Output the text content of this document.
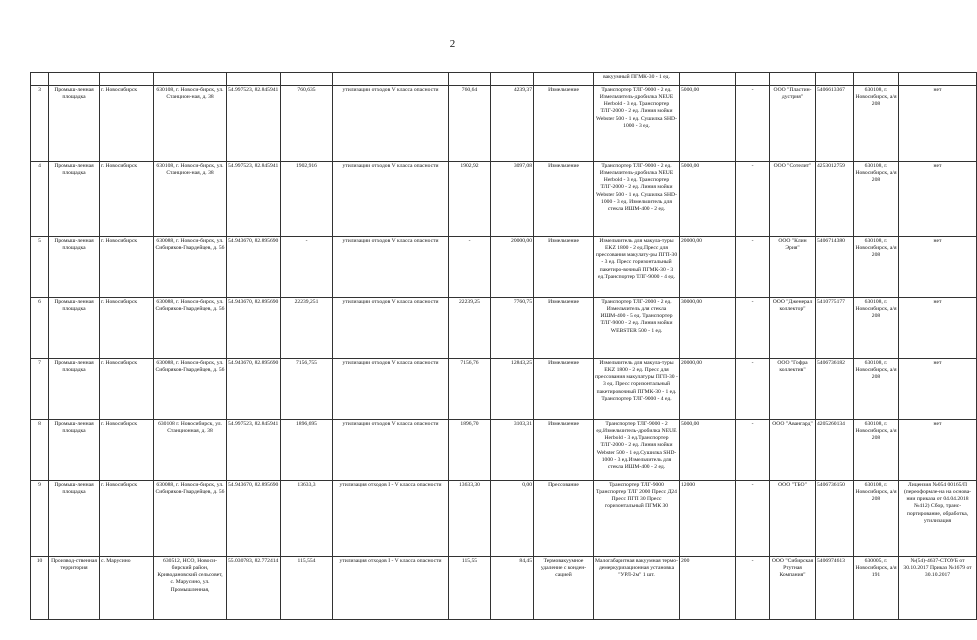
2
										вакуумный ПГМК-30 - 1 ед.						
3	Промыш-ленная площадка	г. Новосибирск	630108, г. Новоси-бирск, ул. Станцион-ная, д. 38	54.997523, 82.845941	760,635	утилизации отходов V класса опасности	760,64	4239,37	Измельчение	Транспортер ТЛГ-9000 - 2 ед. Измельчитель-дробилка NEUE Herbold - 3 ед. Транспортер ТЛГ-2000 - 2 ед. Линия мойки Webster 500 - 1 ед. Сушилка SHD-1000 - 3 ед.	5000,00	-	ООО "Пластин-дустрия"	5406613367	630108, г. Новосибирск, а/я 208	нет
4	Промыш-ленная площадка	г. Новосибирск	630108, г. Новоси-бирск, ул. Станцион-ная, д. 38	54.997523, 82.845941	1902,916	утилизации отходов V класса опасности	1902,92	3097,08	Измельчение	Транспортер ТЛГ-9000 - 2 ед. Измельчитель-дробилка NEUE Herbold - 3 ед. Транспортер ТЛГ-2000 - 2 ед. Линия мойки Webster 500 - 1 ед. Сушилка SHD-1000 - 3 ед. Измельчитель для стекла ИШМ-400 - 2 ед.	5000,00	-	ООО "Сотелит"	4253012759	630108, г. Новосибирск, а/я 208	нет
5	Промыш-ленная площадка	г. Новосибирск	630088, г. Новоси-бирск, ул. Сибиряков-Гвардейцев, д. 56	54.943670, 82.895690	-	утилизации отходов V класса опасности	-	20000,00	Измельчение	Измельчитель для макула-туры EKZ 1800 - 2 ед.Пресс для прессования макулату-ры ПГП-30 - 3 ед. Пресс горизонтальный пакетиро-вочный ПГМК-30 - 3 ед.Транспортер ТЛГ-9000 - 4 ед.	20000,00	-	ООО "Клин Эрия"	5406714380	630108, г. Новосибирск, а/я 208	нет
6	Промыш-ленная площадка	г. Новосибирск	630088, г. Новоси-бирск, ул. Сибиряков-Гвардейцев, д. 56	54.943670, 82.895690	22239,251	утилизации отходов V класса опасности	22239,25	7760,75	Измельчение	Транспортер ТЛГ-2000 - 2 ед. Измельчитель для стекла ИШМ-400 - 5 ед. Транспортер ТЛГ-9000 - 2 ед. Линия мойки WEBSTER 500 - 1 ед.	30000,00	-	ООО "Дженерал коллектор"	5410775177	630108, г. Новосибирск, а/я 208	нет
7	Промыш-ленная площадка	г. Новосибирск	630088, г. Новоси-бирск, ул. Сибиряков-Гвардейцев, д. 56	54.943670, 82.895690	7156,755	утилизации отходов V класса опасности	7156,76	12843,25	Измельчение	Измельчитель для макула-туры EKZ 1800 - 2 ед. Пресс для прессования макулатуры ПГП-30 - 3 ед. Пресс горизонтальный пакетировочный ПГМК-30 - 1 ед. Транспортер ТЛГ-9000 - 4 ед.	20000,00	-	ООО "Гофра коллектив"	5406736182	630108, г. Новосибирск, а/я 208	нет
8	Промыш-ленная площадка	г. Новосибирск	630108 г. Новосибирск, ул. Станционная, д. 38	54.997523, 82.845941	1896,695	утилизации отходов V класса опасности	1896,70	3103,31	Измельчение	Транспортер ТЛГ-9000 - 2 ед.Измельчитель-дробилка NEUE Herbold - 3 ед.Транспортер ТЛГ-2000 - 2 ед. Линия мойки Webster 500 - 1 ед.Сушилка SHD-1000 - 3 ед.Измельчитель для стекла ИШМ-400 - 2 ед.	5000,00	-	ООО "Авангард"	4205260134	630108, г. Новосибирск, а/я 208	нет
9	Промыш-ленная площадка	г. Новосибирск	630088, г. Новоси-бирск, ул. Сибиряков-Гвардейцев, д. 56	54.943670, 82.895690	13633,3	утилизация отходов I - V класса опасности	13633,30	0,00	Прессование	Транспортер ТЛГ-9000 Транспортер ТЛГ 2000 Пресс Д24 Пресс ПГП 30 Пресс горизонтальный ПГМК 30	12000	-	ООО "ТБО"	5406736150	630108, г. Новосибирск, а/я 208	Лицензия №054 00165/П (переоформле-на на основа-нии приказа от 04.04.2018 №412) Сбор, транс-портирование, обработка, утилизация
10	Производ-ственная территория	с. Марусино	630512, НСО, Новоси-бирский район, Криводановский сельсовет, с. Марусино, ул. Промышленная,	55.030783, 82.772414	115,554	утилизация отходов I - V класса опасности	115,55	84,45	Термовакуумное удаление с конден-сацией	Малогабаритная вакуумная термо-демеркуризационная установка "УРЛ-2м" 1 шт.	200	-	ООО "Сибирская Ртутная Компания"	5406974613	630005, г. Новосибирск, а/я 191	№(54)-4637-СТОУБ от 30.10.2017 Приказ №1679 от 30.10.2017
